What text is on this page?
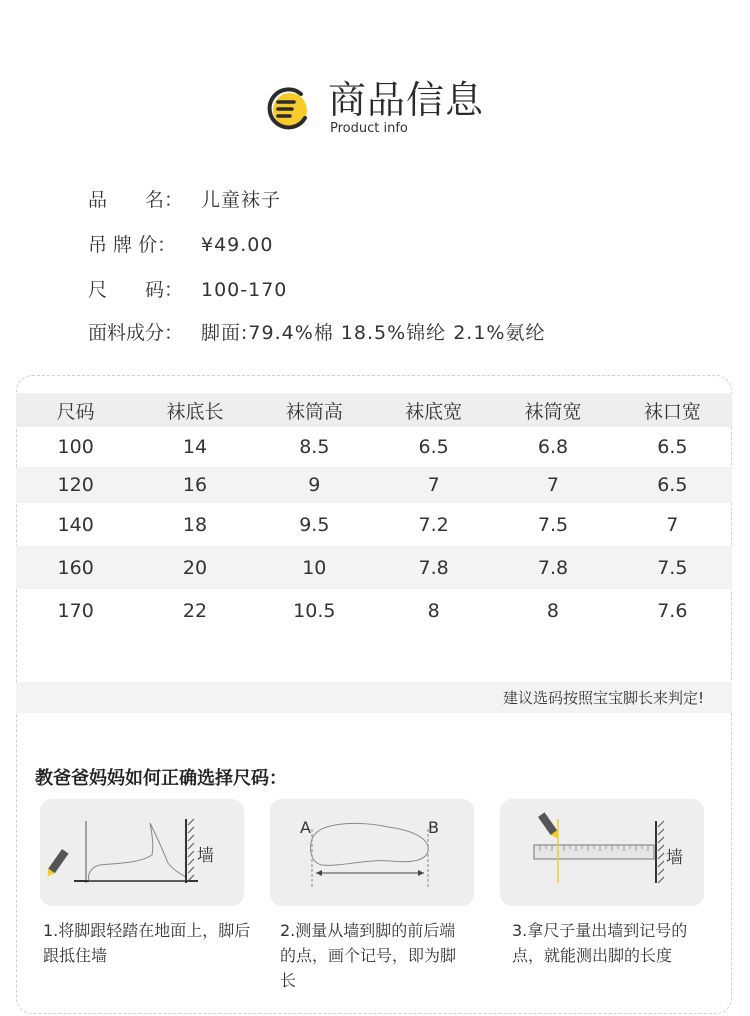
商品信息
Product info
品　　名： 儿童袜子
吊 牌 价：	¥49.00
尺　　码： 100-170
面料成分： 脚面:79.4%棉 18.5%锦纶 2.1%氨纶
尺码	袜底长	袜筒高	袜底宽	袜筒宽	袜口宽
100	14	8.5	6.5	6.8	6.5
120	16	9	7	7	6.5
140	18	9.5	7.2	7.5	7
160	20	10	7.8	7.8	7.5
170	22	10.5	8	8	7.6
建议选码按照宝宝脚长来判定!
教爸爸妈妈如何正确选择尺码：
墙
A	B
墙
1.将脚跟轻踏在地面上，脚后跟抵住墙
2.测量从墙到脚的前后端的点，画个记号，即为脚长
3.拿尺子量出墙到记号的点，就能测出脚的长度
